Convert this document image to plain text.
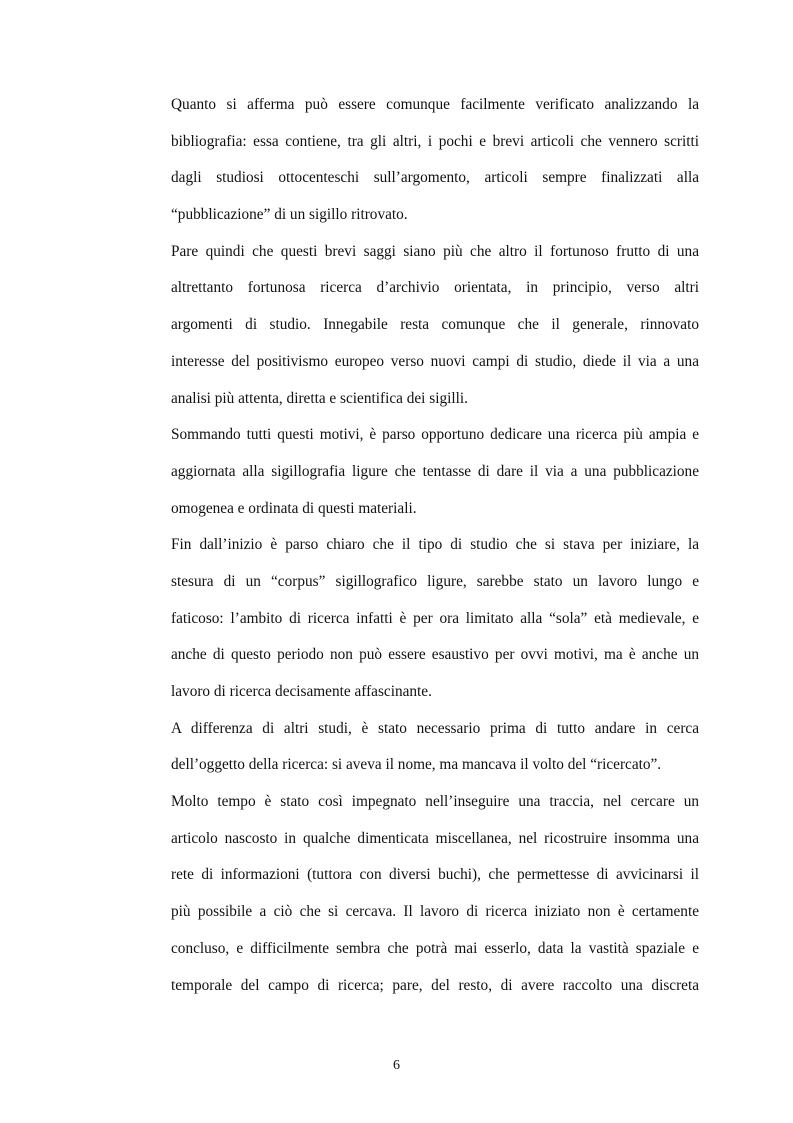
Quanto si afferma può essere comunque facilmente verificato analizzando la
bibliografia: essa contiene, tra gli altri, i pochi e brevi articoli che vennero scritti
dagli studiosi ottocenteschi sull’argomento, articoli sempre finalizzati alla
“pubblicazione” di un sigillo ritrovato.
Pare quindi che questi brevi saggi siano più che altro il fortunoso frutto di una
altrettanto fortunosa ricerca d’archivio orientata, in principio, verso altri
argomenti di studio. Innegabile resta comunque che il generale, rinnovato
interesse del positivismo europeo verso nuovi campi di studio, diede il via a una
analisi più attenta, diretta e scientifica dei sigilli.
Sommando tutti questi motivi, è parso opportuno dedicare una ricerca più ampia e
aggiornata alla sigillografia ligure che tentasse di dare il via a una pubblicazione
omogenea e ordinata di questi materiali.
Fin dall’inizio è parso chiaro che il tipo di studio che si stava per iniziare, la
stesura di un “corpus” sigillografico ligure, sarebbe stato un lavoro lungo e
faticoso: l’ambito di ricerca infatti è per ora limitato alla “sola” età medievale, e
anche di questo periodo non può essere esaustivo per ovvi motivi, ma è anche un
lavoro di ricerca decisamente affascinante.
A differenza di altri studi, è stato necessario prima di tutto andare in cerca
dell’oggetto della ricerca: si aveva il nome, ma mancava il volto del “ricercato”.
Molto tempo è stato così impegnato nell’inseguire una traccia, nel cercare un
articolo nascosto in qualche dimenticata miscellanea, nel ricostruire insomma una
rete di informazioni (tuttora con diversi buchi), che permettesse di avvicinarsi il
più possibile a ciò che si cercava. Il lavoro di ricerca iniziato non è certamente
concluso, e difficilmente sembra che potrà mai esserlo, data la vastità spaziale e
temporale del campo di ricerca; pare, del resto, di avere raccolto una discreta
6
